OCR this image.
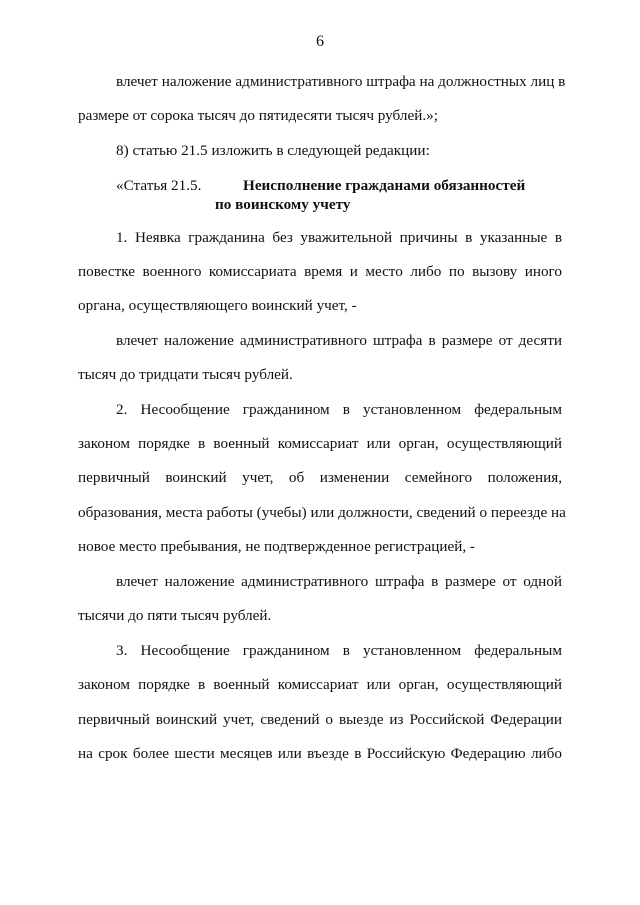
6
влечет наложение административного штрафа на должностных лиц в
размере от сорока тысяч до пятидесяти тысяч рублей.»;
8) статью 21.5 изложить в следующей редакции:
«Статья 21.5.	Неисполнение гражданами обязанностей
по воинскому учету
1. Неявка гражданина без уважительной причины в указанные в
повестке военного комиссариата время и место либо по вызову иного
органа, осуществляющего воинский учет, -
влечет наложение административного штрафа в размере от десяти
тысяч до тридцати тысяч рублей.
2. Несообщение гражданином в установленном федеральным
законом порядке в военный комиссариат или орган, осуществляющий
первичный воинский учет, об изменении семейного положения,
образования, места работы (учебы) или должности, сведений о переезде на
новое место пребывания, не подтвержденное регистрацией, -
влечет наложение административного штрафа в размере от одной
тысячи до пяти тысяч рублей.
3. Несообщение гражданином в установленном федеральным
законом порядке в военный комиссариат или орган, осуществляющий
первичный воинский учет, сведений о выезде из Российской Федерации
на срок более шести месяцев или въезде в Российскую Федерацию либо
